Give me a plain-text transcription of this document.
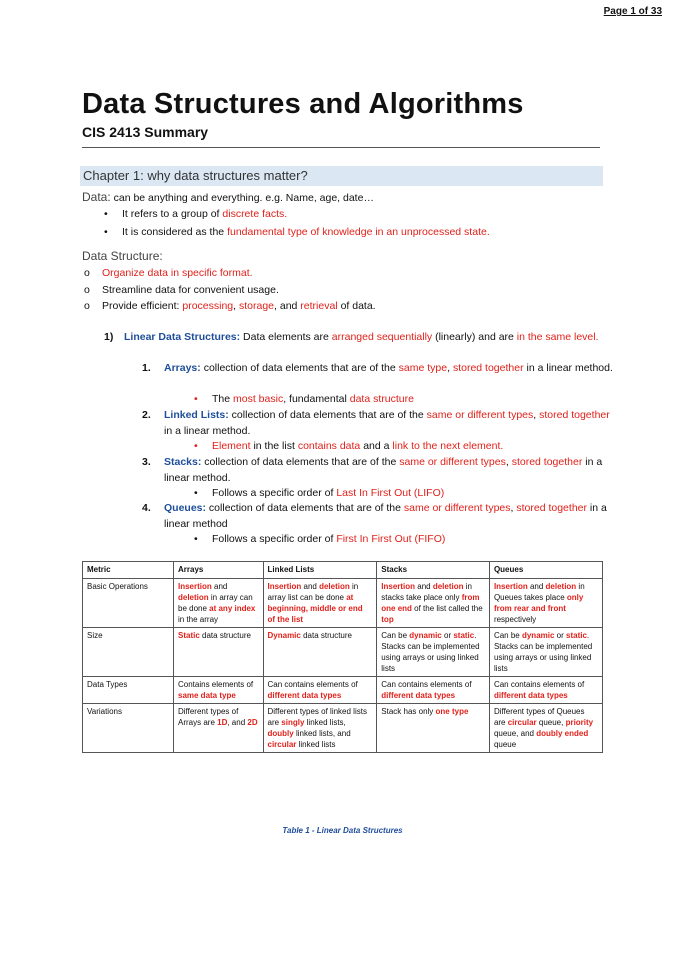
Page 1 of 33
Data Structures and Algorithms
CIS 2413 Summary
Chapter 1: why data structures matter?
Data: can be anything and everything. e.g. Name, age, date…
• It refers to a group of discrete facts.
• It is considered as the fundamental type of knowledge in an unprocessed state.
Data Structure:
o Organize data in specific format.
o Streamline data for convenient usage.
o Provide efficient: processing, storage, and retrieval of data.
1) Linear Data Structures: Data elements are arranged sequentially (linearly) and are in the same level.
1. Arrays: collection of data elements that are of the same type, stored together in a linear method.
• The most basic, fundamental data structure
2. Linked Lists: collection of data elements that are of the same or different types, stored together in a linear method.
• Element in the list contains data and a link to the next element.
3. Stacks: collection of data elements that are of the same or different types, stored together in a linear method.
• Follows a specific order of Last In First Out (LIFO)
4. Queues: collection of data elements that are of the same or different types, stored together in a linear method
• Follows a specific order of First In First Out (FIFO)
Metric	Arrays	Linked Lists	Stacks	Queues
Basic Operations	Insertion and deletion in array can be done at any index in the array	Insertion and deletion in array list can be done at beginning, middle or end of the list	Insertion and deletion in stacks take place only from one end of the list called the top	Insertion and deletion in Queues takes place only from rear and front respectively
Size	Static data structure	Dynamic data structure	Can be dynamic or static. Stacks can be implemented using arrays or using linked lists	Can be dynamic or static. Stacks can be implemented using arrays or using linked lists
Data Types	Contains elements of same data type	Can contains elements of different data types	Can contains elements of different data types	Can contains elements of different data types
Variations	Different types of Arrays are 1D, and 2D	Different types of linked lists are singly linked lists, doubly linked lists, and circular linked lists	Stack has only one type	Different types of Queues are circular queue, priority queue, and doubly ended queue
Table 1 - Linear Data Structures
